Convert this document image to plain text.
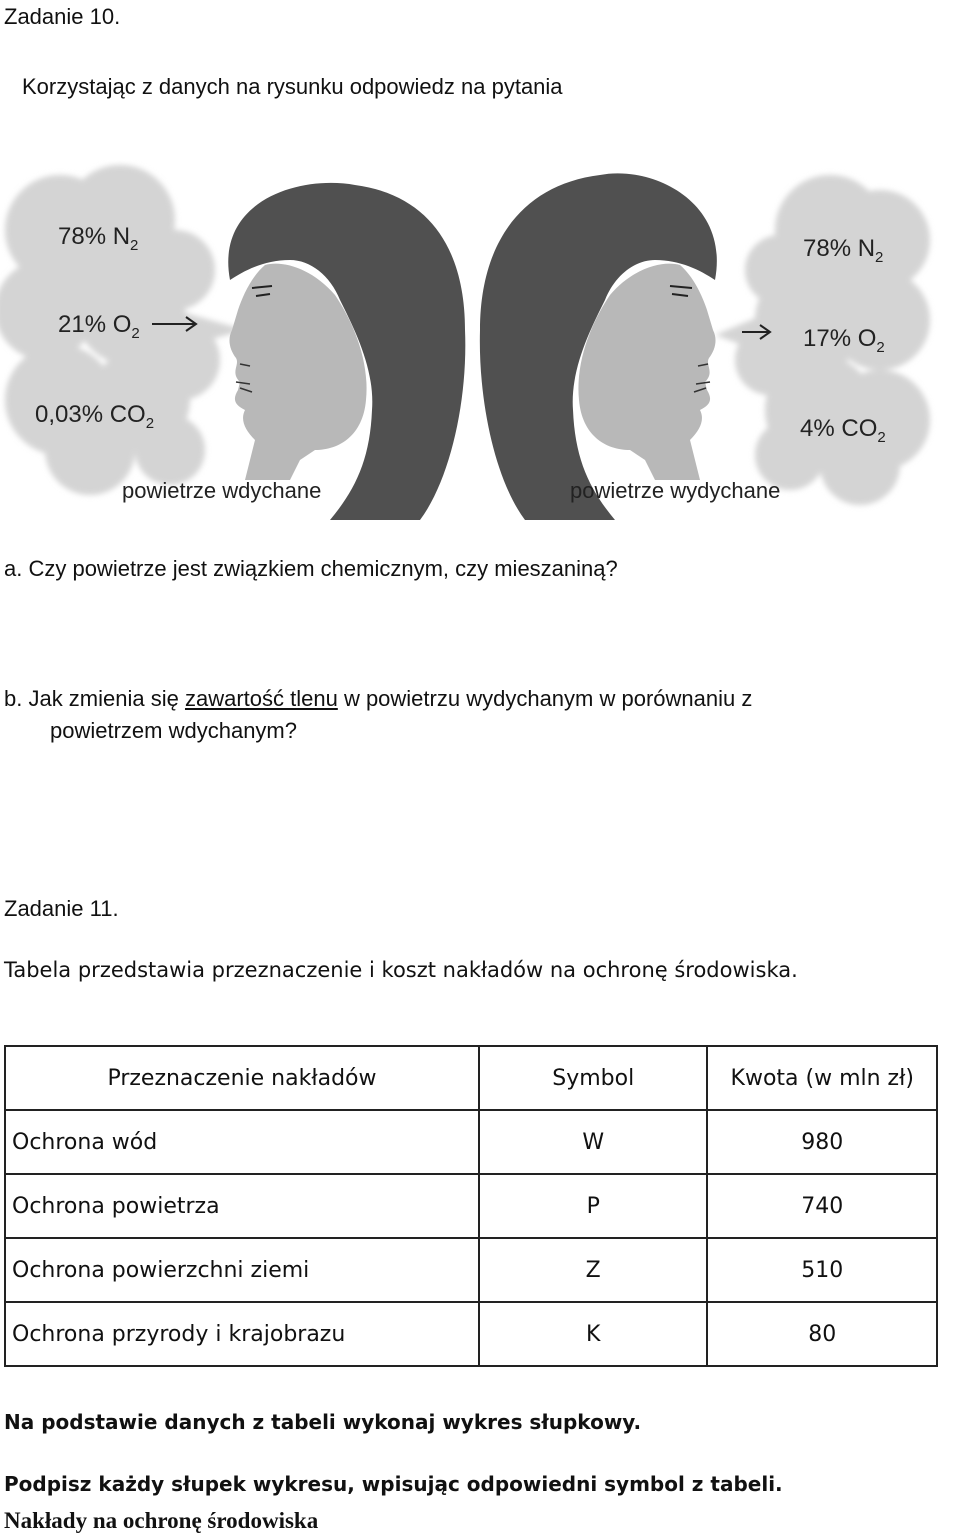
Zadanie 10.
Korzystając z danych na rysunku odpowiedz na pytania
78% $N_2$
21% $O_2$
0,03% $CO_2$
powietrze wdychane
78% $N_2$
17% $O_2$
4% $CO_2$
powietrze wydychane
a. Czy powietrze jest związkiem chemicznym, czy mieszaniną?
b. Jak zmienia się zawartość tlenu w powietrzu wydychanym w porównaniu z
powietrzem wdychanym?
Zadanie 11.
Tabela przedstawia przeznaczenie i koszt nakładów na ochronę środowiska.
Przeznaczenie nakładów	Symbol	Kwota (w mln zł)
Ochrona wód	W	980
Ochrona powietrza	P	740
Ochrona powierzchni ziemi	Z	510
Ochrona przyrody i krajobrazu	K	80
Na podstawie danych z tabeli wykonaj wykres słupkowy.
Podpisz każdy słupek wykresu, wpisując odpowiedni symbol z tabeli.
Nakłady na ochronę środowiska
